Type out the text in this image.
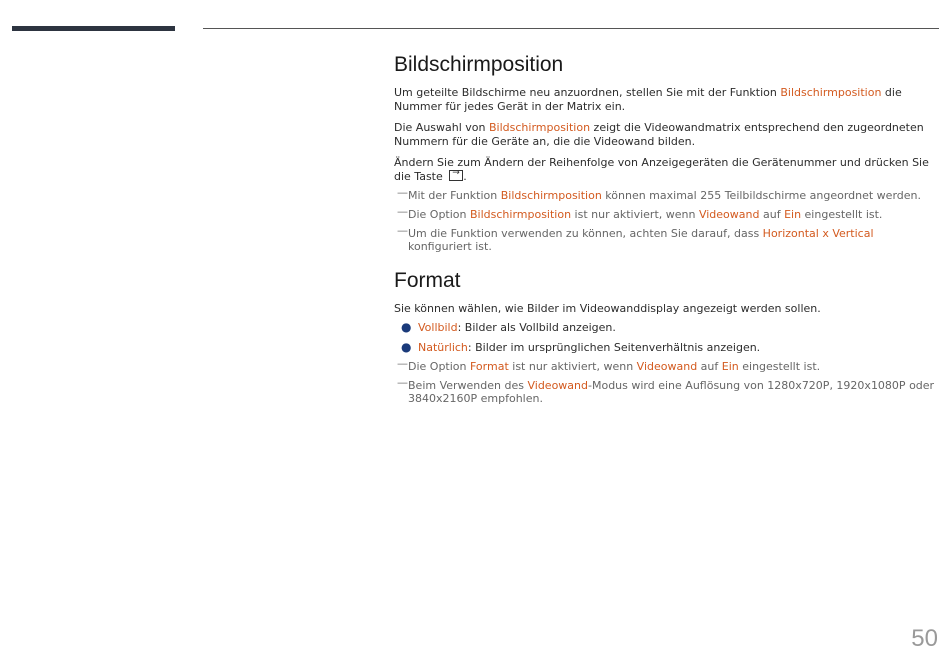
Bildschirmposition

Um geteilte Bildschirme neu anzuordnen, stellen Sie mit der Funktion Bildschirmposition die Nummer für jedes Gerät in der Matrix ein.

Die Auswahl von Bildschirmposition zeigt die Videowandmatrix entsprechend den zugeordneten Nummern für die Geräte an, die die Videowand bilden.

Ändern Sie zum Ändern der Reihenfolge von Anzeigegeräten die Gerätenummer und drücken Sie die Taste →.

— Mit der Funktion Bildschirmposition können maximal 255 Teilbildschirme angeordnet werden.
— Die Option Bildschirmposition ist nur aktiviert, wenn Videowand auf Ein eingestellt ist.
— Um die Funktion verwenden zu können, achten Sie darauf, dass Horizontal x Vertical konfiguriert ist.
Format

Sie können wählen, wie Bilder im Videowanddisplay angezeigt werden sollen.

● Vollbild: Bilder als Vollbild anzeigen.
● Natürlich: Bilder im ursprünglichen Seitenverhältnis anzeigen.
— Die Option Format ist nur aktiviert, wenn Videowand auf Ein eingestellt ist.
— Beim Verwenden des Videowand-Modus wird eine Auflösung von 1280x720P, 1920x1080P oder 3840x2160P empfohlen.
50
